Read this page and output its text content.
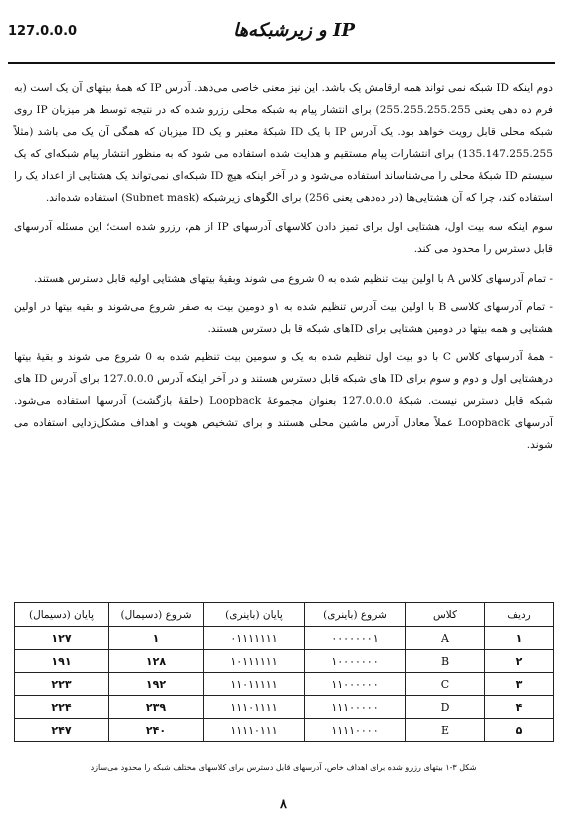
127.0.0.0	IP و زیرشبکه‌ها

دوم اینکه ID شبکه نمی تواند همه ارقامش یک باشد. این نیز معنی خاصی می‌دهد. آدرس IP که همهٔ بیتهای آن یک است (به فرم ده دهی یعنی 255.255.255.255) برای انتشار پیام به شبکه محلی رزرو شده که در نتیجه توسط هر میزبان IP روی شبکه محلی قابل رویت خواهد بود. یک آدرس IP با یک ID شبکهٔ معتبر و یک ID میزبان که همگی آن یک می باشد (مثلاً 135.147.255.255) برای انتشارات پیام مستقیم و هدایت شده استفاده می شود که به منظور انتشار پیام شبکه‌ای که یک سیستم ID شبکهٔ محلی را می‌شناساند استفاده می‌شود و در آخر اینکه هیچ ID شبکه‌ای نمی‌تواند یک هشتایی از اعداد یک را استفاده کند، چرا که آن هشتایی‌ها (در ده‌دهی یعنی 256) برای الگوهای زیرشبکه (Subnet mask) استفاده شده‌اند.

سوم اینکه سه بیت اول، هشتایی اول برای تمیز دادن کلاسهای آدرسهای IP از هم، رزرو شده است؛ این مسئله آدرسهای قابل دسترس را محدود می کند.

- تمام آدرسهای کلاس A با اولین بیت تنظیم شده به 0 شروع می شوند وبقیهٔ بیتهای هشتایی اولیه قابل دسترس هستند.

- تمام آدرسهای کلاسی B با اولین بیت آدرس تنظیم شده به ۱و دومین بیت به صفر شروع می‌شوند و بقیه بیتها در اولین هشتایی و همه بیتها در دومین هشتایی برای IDهای شبکه قا بل دسترس هستند.

- همهٔ آدرسهای کلاس C با دو بیت اول تنظیم شده به یک و سومین بیت تنظیم شده به 0 شروع می شوند و بقیهٔ بیتها درهشتایی اول و دوم و سوم برای ID های شبکه قابل دسترس هستند و در آخر اینکه آدرس 127.0.0.0 برای آدرس ID های شبکه قابل دسترس نیست. شبکهٔ 127.0.0.0 بعنوان مجموعهٔ Loopback (حلقهٔ بازگشت) آدرسها استفاده می‌شود. آدرسهای Loopback عملاً معادل آدرس ماشین محلی هستند و برای تشخیص هویت و اهداف مشکل‌زدایی استفاده می شوند.

ردیف	کلاس	شروع (باینری)	پایان (باینری)	شروع (دسیمال)	پایان (دسیمال)
۱	A	۰۰۰۰۰۰۰۱	۰۱۱۱۱۱۱۱	۱	۱۲۷
۲	B	۱۰۰۰۰۰۰۰	۱۰۱۱۱۱۱۱	۱۲۸	۱۹۱
۳	C	۱۱۰۰۰۰۰۰	۱۱۰۱۱۱۱۱	۱۹۲	۲۲۳
۴	D	۱۱۱۰۰۰۰۰	۱۱۱۰۱۱۱۱	۲۳۹	۲۲۴
۵	E	۱۱۱۱۰۰۰۰	۱۱۱۱۰۱۱۱	۲۴۰	۲۴۷
شکل ۳-۱ بیتهای رزرو شده برای اهداف خاص، آدرسهای قابل دسترس برای کلاسهای مختلف شبکه را محدود می‌سازد
۸
